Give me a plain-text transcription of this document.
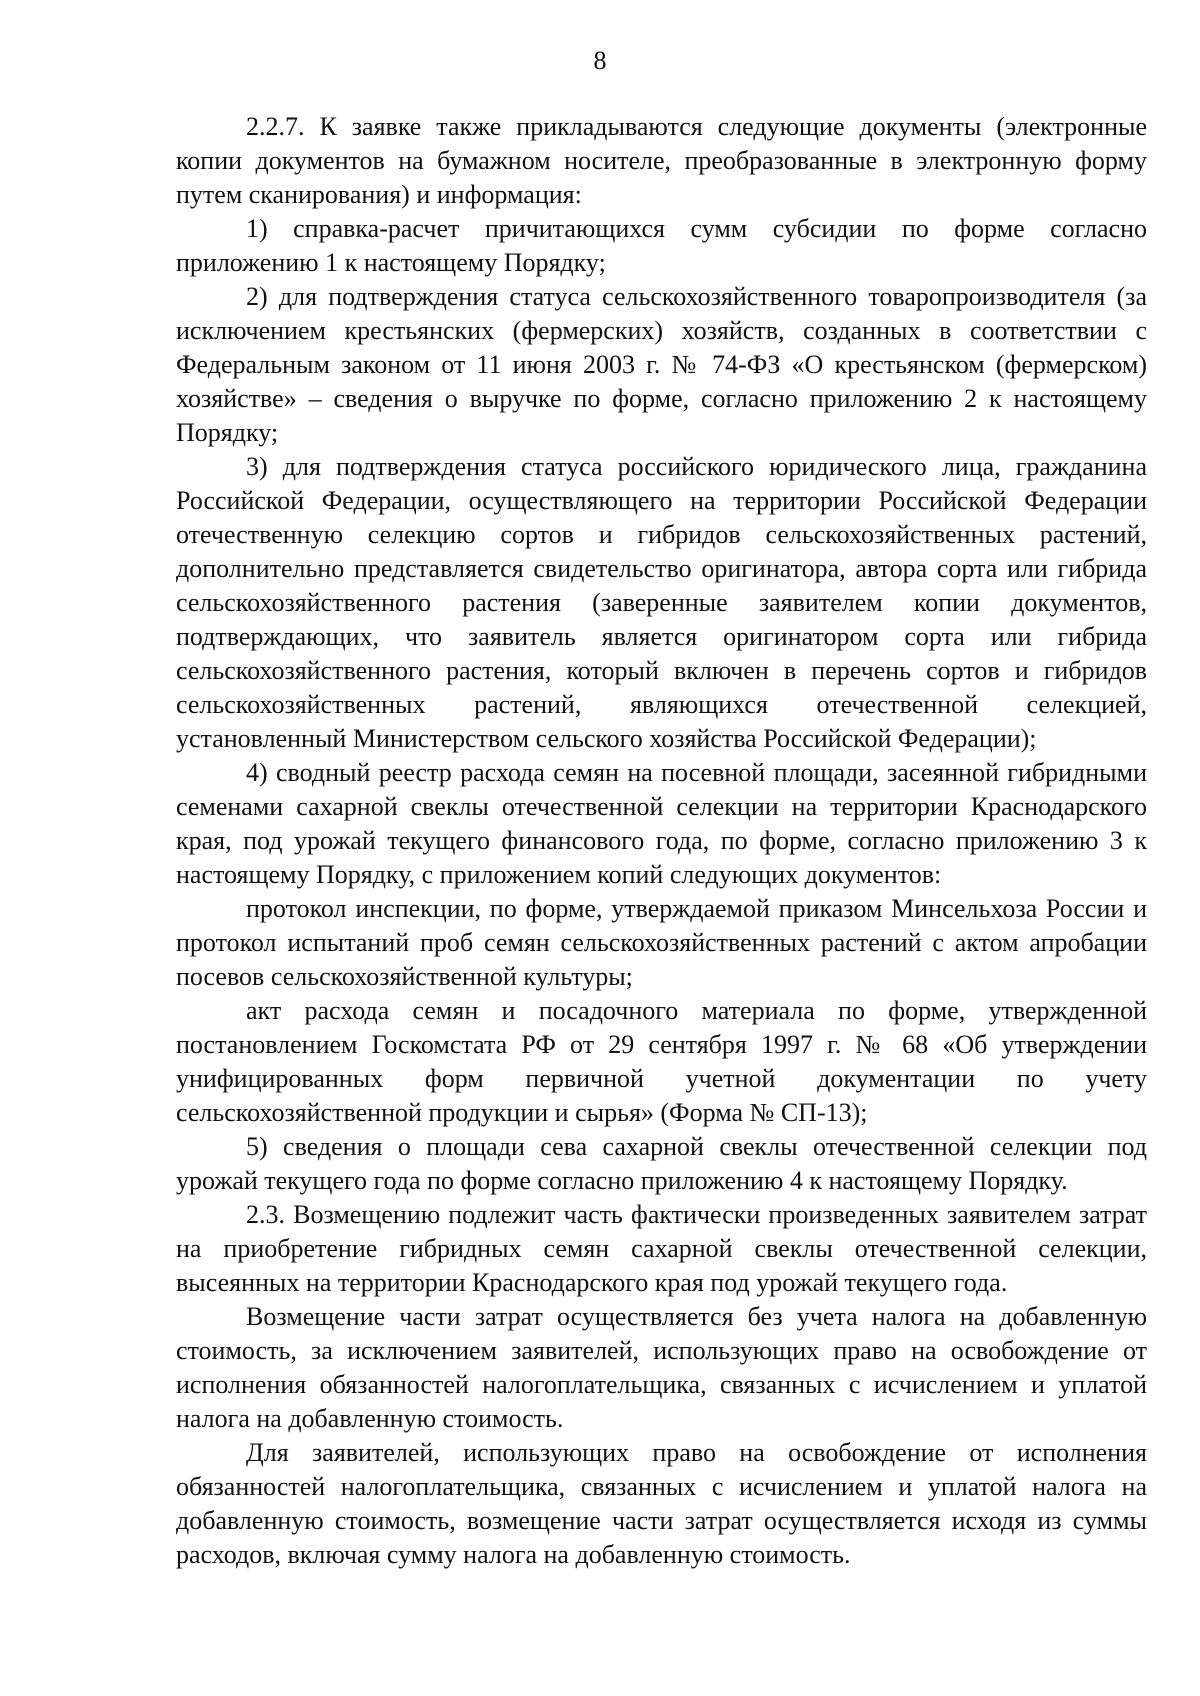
8

2.2.7. К заявке также прикладываются следующие документы (электронные копии документов на бумажном носителе, преобразованные в электронную форму путем сканирования) и информация:

1) справка-расчет причитающихся сумм субсидии по форме согласно приложению 1 к настоящему Порядку;

2) для подтверждения статуса сельскохозяйственного товаропроизводителя (за исключением крестьянских (фермерских) хозяйств, созданных в соответствии с Федеральным законом от 11 июня 2003 г. № 74-ФЗ «О крестьянском (фермерском) хозяйстве» – сведения о выручке по форме, согласно приложению 2 к настоящему Порядку;

3) для подтверждения статуса российского юридического лица, гражданина Российской Федерации, осуществляющего на территории Российской Федерации отечественную селекцию сортов и гибридов сельскохозяйственных растений, дополнительно представляется свидетельство оригинатора, автора сорта или гибрида сельскохозяйственного растения (заверенные заявителем копии документов, подтверждающих, что заявитель является оригинатором сорта или гибрида сельскохозяйственного растения, который включен в перечень сортов и гибридов сельскохозяйственных растений, являющихся отечественной селекцией, установленный Министерством сельского хозяйства Российской Федерации);

4) сводный реестр расхода семян на посевной площади, засеянной гибридными семенами сахарной свеклы отечественной селекции на территории Краснодарского края, под урожай текущего финансового года, по форме, согласно приложению 3 к настоящему Порядку, с приложением копий следующих документов:

протокол инспекции, по форме, утверждаемой приказом Минсельхоза России и протокол испытаний проб семян сельскохозяйственных растений с актом апробации посевов сельскохозяйственной культуры;

акт расхода семян и посадочного материала по форме, утвержденной постановлением Госкомстата РФ от 29 сентября 1997 г. № 68 «Об утверждении унифицированных форм первичной учетной документации по учету сельскохозяйственной продукции и сырья» (Форма № СП-13);

5) сведения о площади сева сахарной свеклы отечественной селекции под урожай текущего года по форме согласно приложению 4 к настоящему Порядку.

2.3. Возмещению подлежит часть фактически произведенных заявителем затрат на приобретение гибридных семян сахарной свеклы отечественной селекции, высеянных на территории Краснодарского края под урожай текущего года.

Возмещение части затрат осуществляется без учета налога на добавленную стоимость, за исключением заявителей, использующих право на освобождение от исполнения обязанностей налогоплательщика, связанных с исчислением и уплатой налога на добавленную стоимость.

Для заявителей, использующих право на освобождение от исполнения обязанностей налогоплательщика, связанных с исчислением и уплатой налога на добавленную стоимость, возмещение части затрат осуществляется исходя из суммы расходов, включая сумму налога на добавленную стоимость.
